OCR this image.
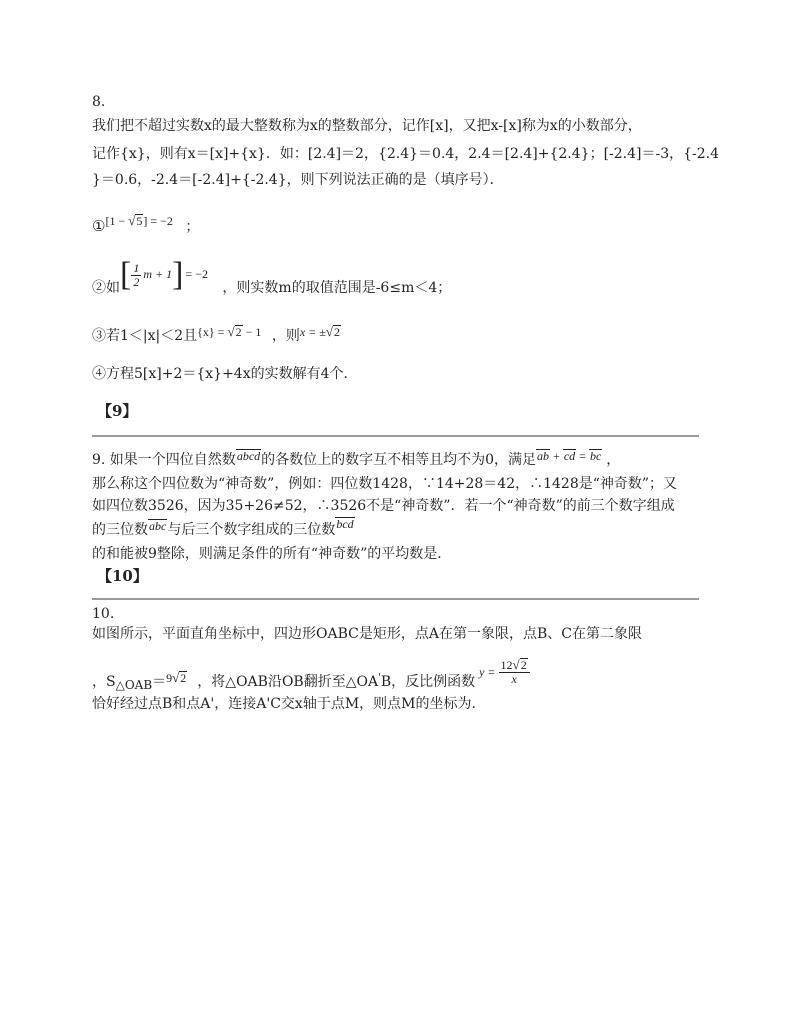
8.
我们把不超过实数x的最大整数称为x的整数部分，记作[x]，又把x-[x]称为x的小数部分，
记作{x}，则有x＝[x]+{x}．如：[2.4]＝2，{2.4}＝0.4，2.4＝[2.4]+{2.4}；[-2.4]＝-3，{-2.4
}＝0.6，-2.4＝[-2.4]+{-2.4}，则下列说法正确的是（填序号）．
①[1 − √5] = −2 ；
②如[ $\frac{1}{2}$ m + 1] = −2 ，则实数m的取值范围是-6≤m＜4；
③若1＜|x|＜2且{x} = √2 − 1 ，则x = ±√2
④方程5[x]+2＝{x}+4x的实数解有4个．
【9】
9. 如果一个四位自然数abcd的各数位上的数字互不相等且均不为0，满足ab + cd = bc ，
那么称这个四位数为“神奇数”，例如：四位数1428，∵14+28＝42，∴1428是“神奇数”；又
如四位数3526，因为35+26≠52，∴3526不是“神奇数”．若一个“神奇数”的前三个数字组成
的三位数abc与后三个数字组成的三位数bcd
的和能被9整除，则满足条件的所有“神奇数”的平均数是．
【10】
10.
如图所示，平面直角坐标中，四边形OABC是矩形，点A在第一象限，点B、C在第二象限
，S△OAB＝9√2 ，将△OAB沿OB翻折至△OA'B，反比例函数$y = \frac{12√2}{x}$
恰好经过点B和点A'，连接A'C交x轴于点M，则点M的坐标为.
